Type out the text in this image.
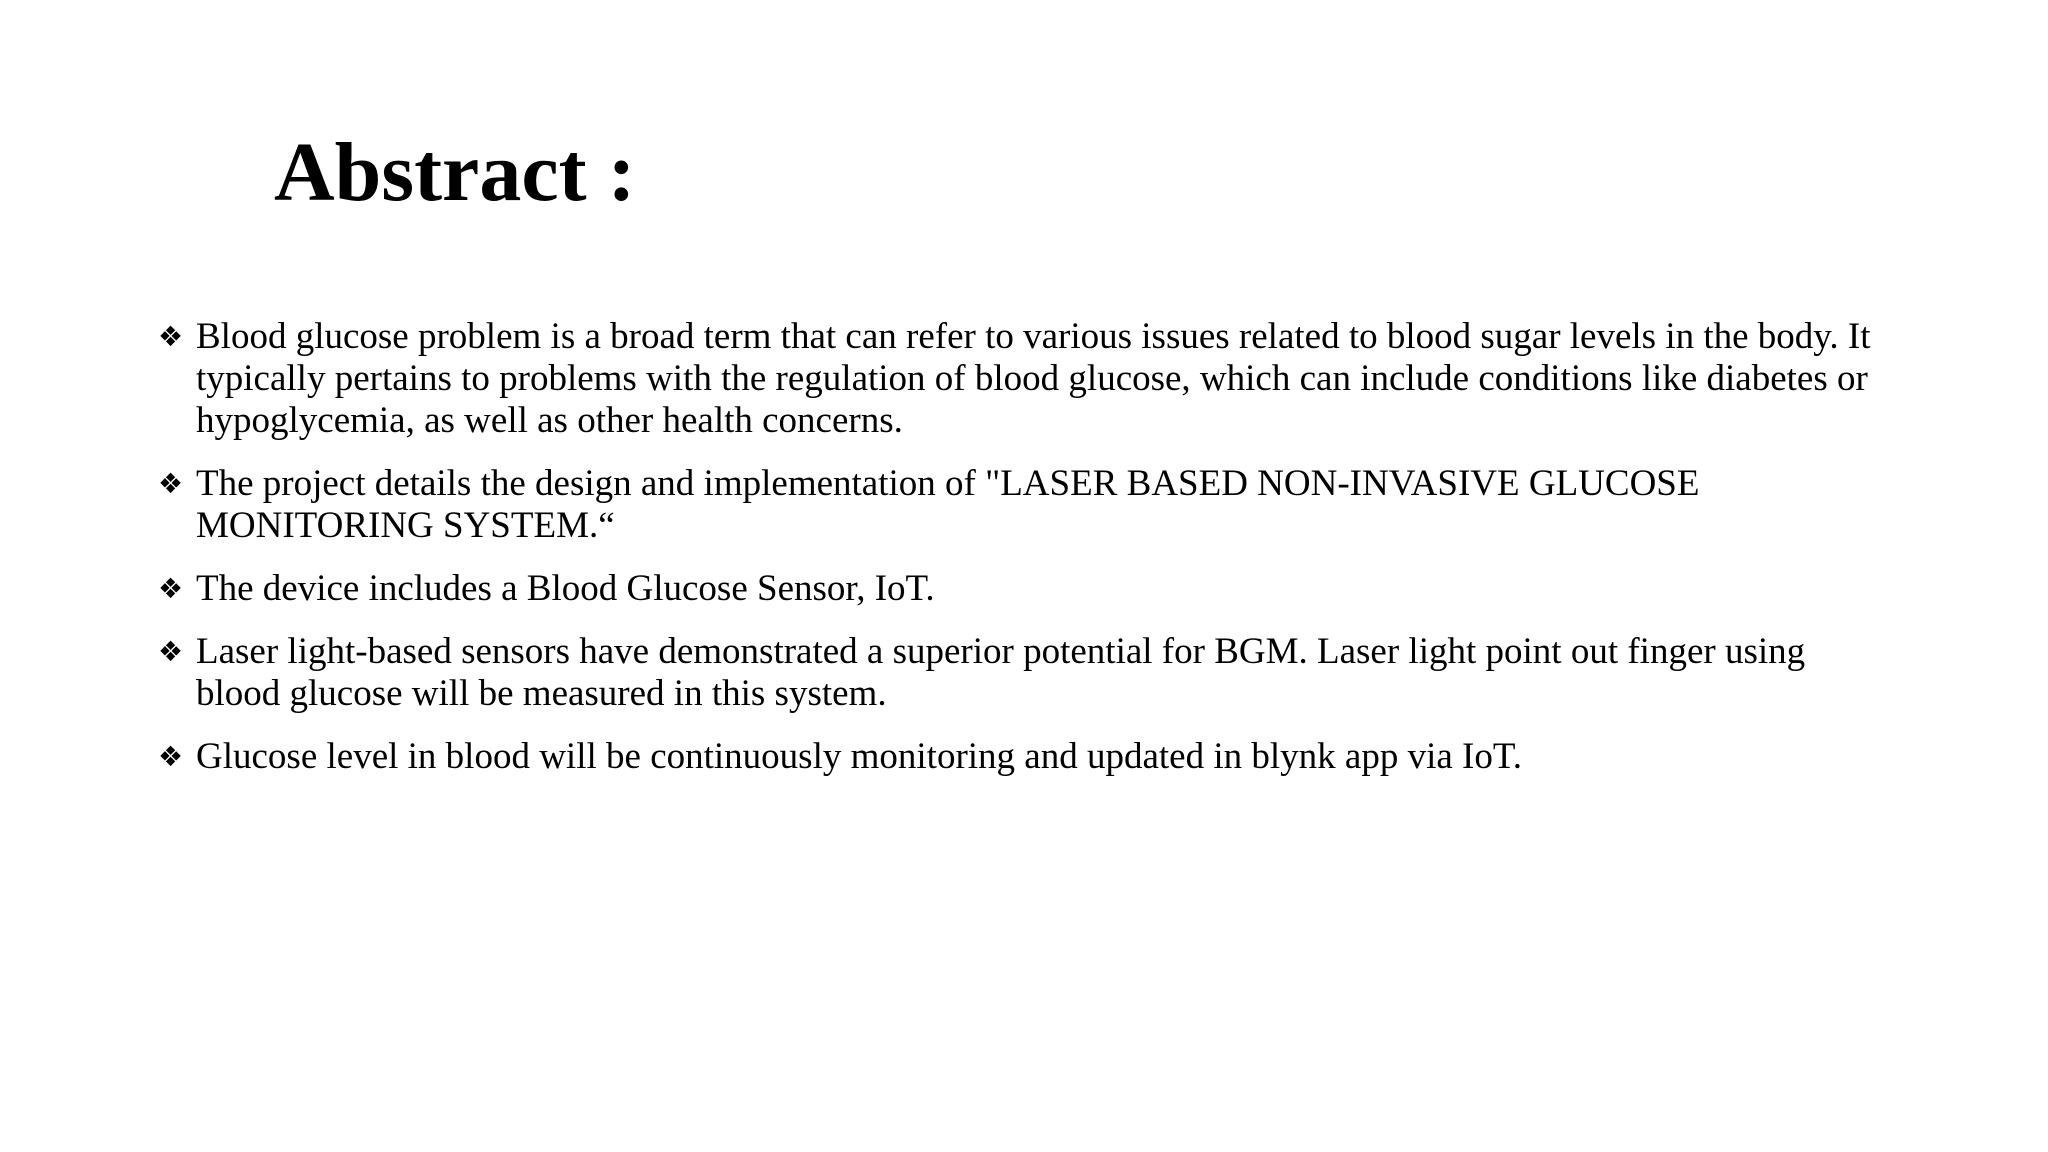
Abstract :
❖ Blood glucose problem is a broad term that can refer to various issues related to blood sugar levels in the body. It typically pertains to problems with the regulation of blood glucose, which can include conditions like diabetes or hypoglycemia, as well as other health concerns.
❖ The project details the design and implementation of "LASER BASED NON-INVASIVE GLUCOSE MONITORING SYSTEM.“
❖ The device includes a Blood Glucose Sensor, IoT.
❖ Laser light-based sensors have demonstrated a superior potential for BGM. Laser light point out finger using blood glucose will be measured in this system.
❖ Glucose level in blood will be continuously monitoring and updated in blynk app via IoT.
